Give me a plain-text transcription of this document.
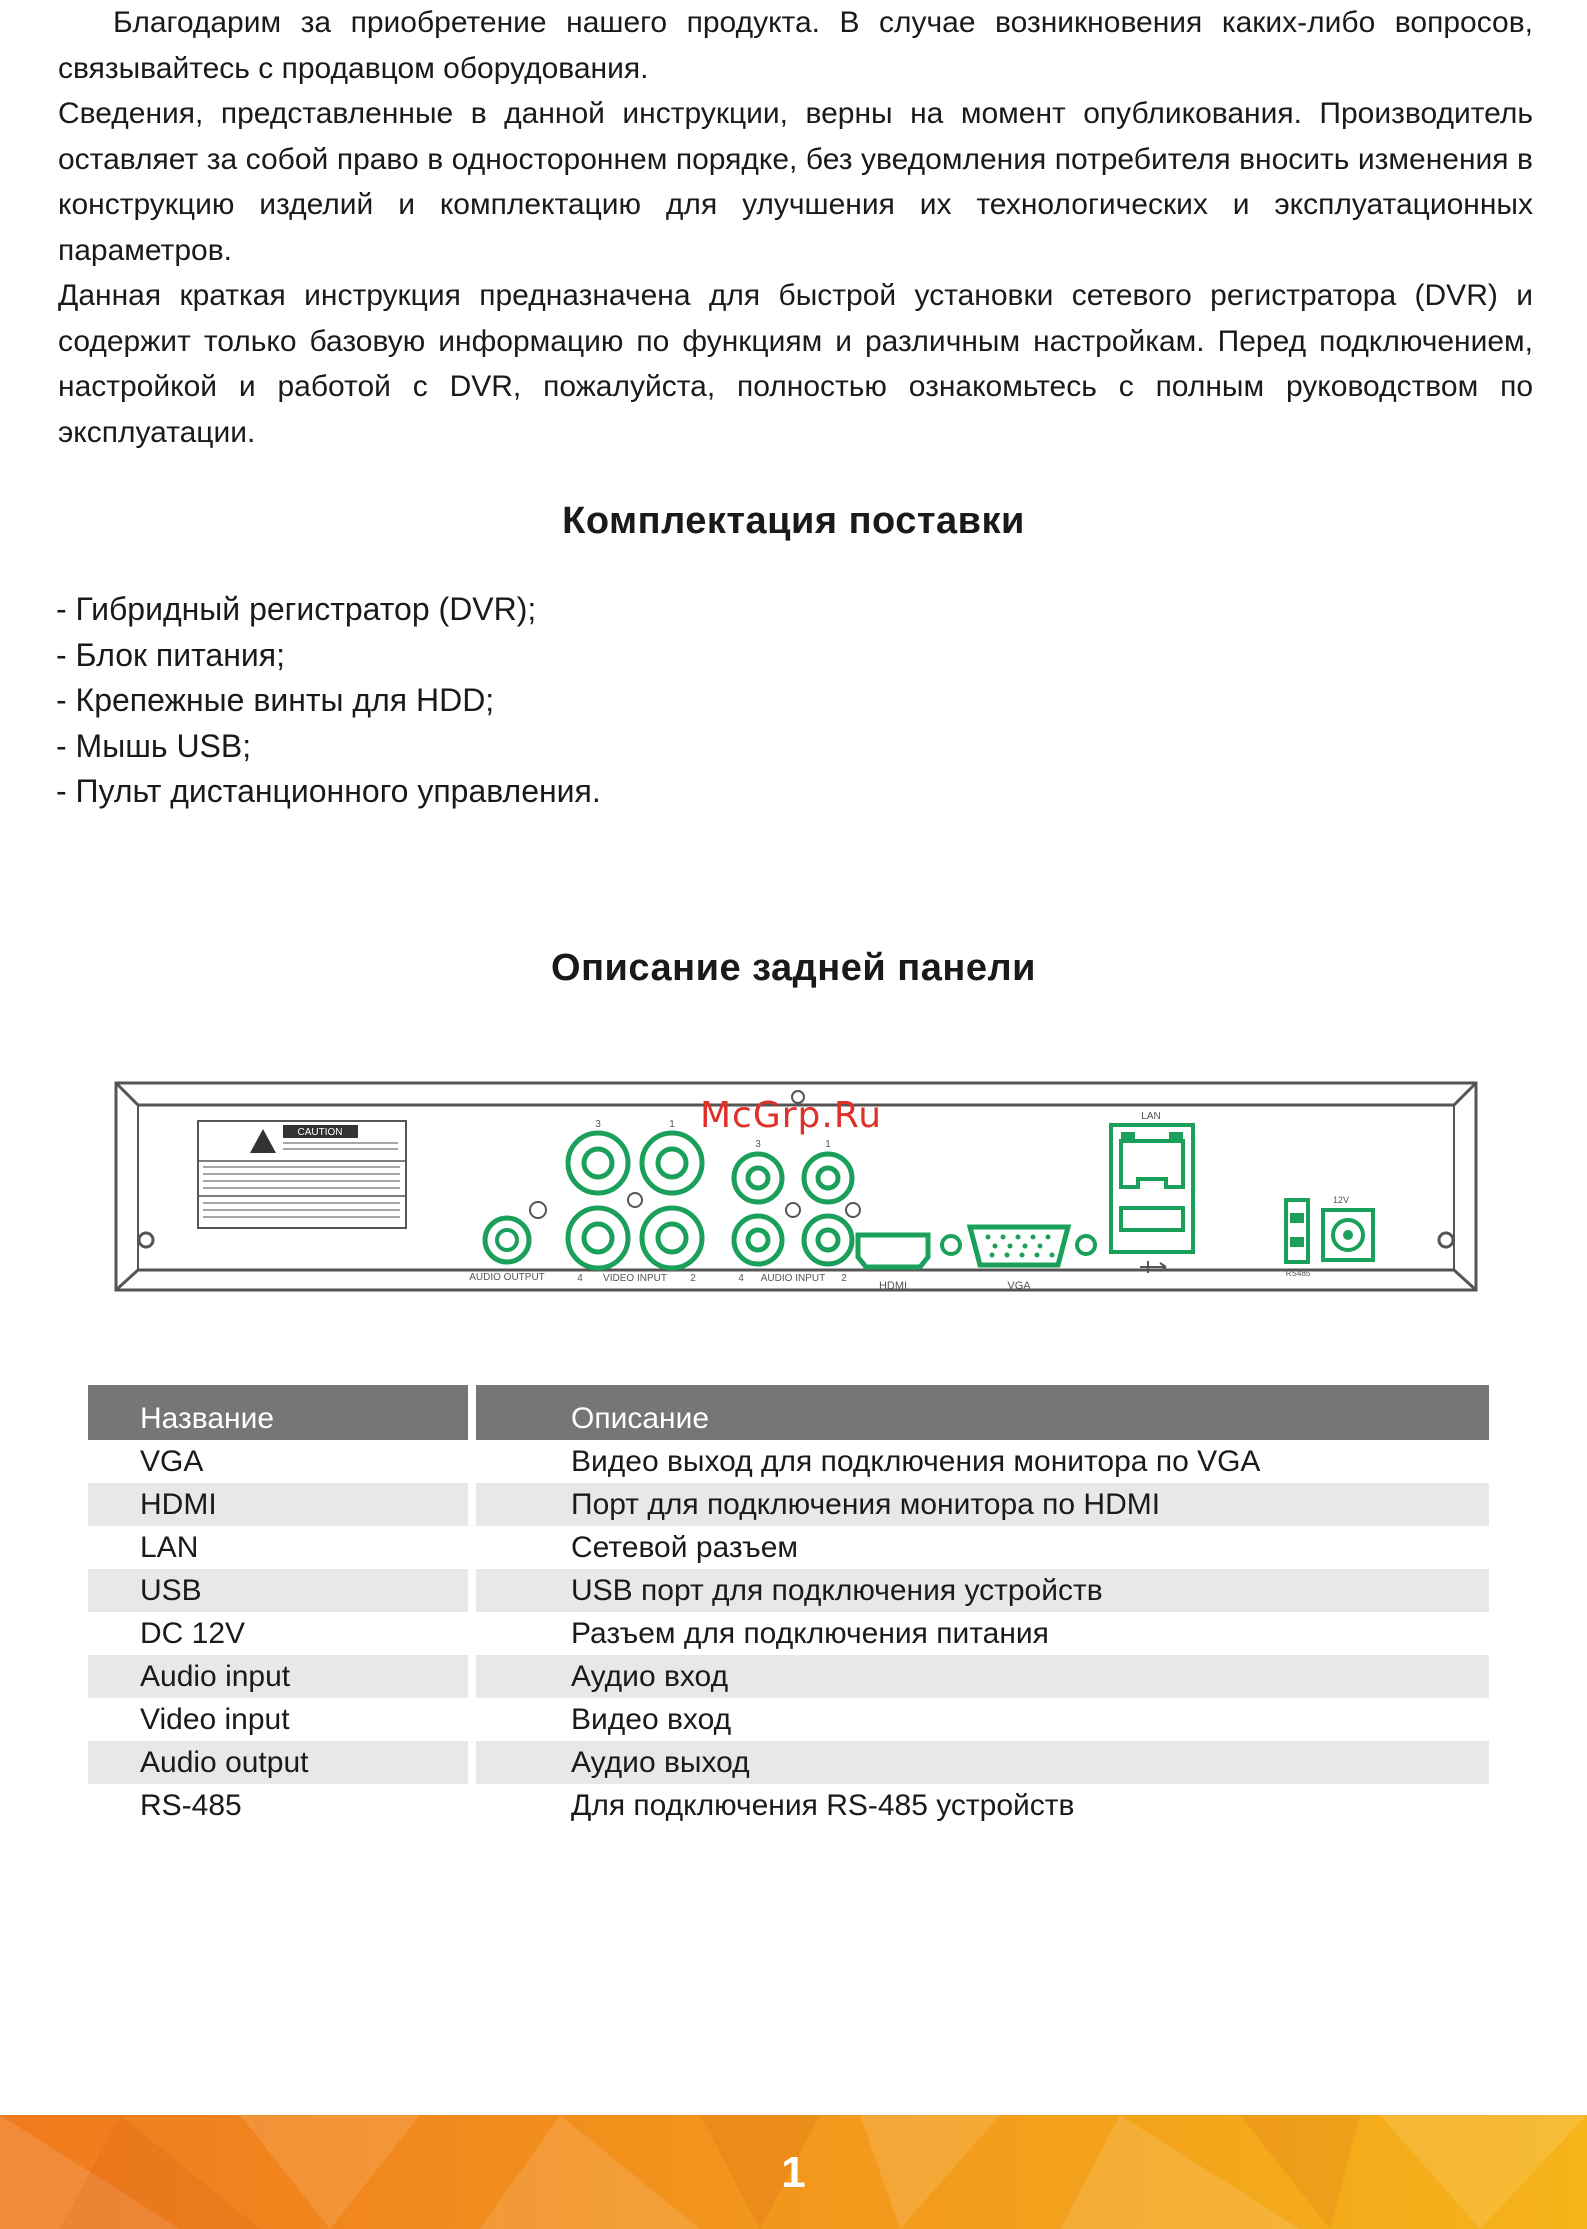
Благодарим за приобретение нашего продукта. В случае возникновения каких-либо вопросов, связывайтесь с продавцом оборудования.

Сведения, представленные в данной инструкции, верны на момент опубликования. Производитель оставляет за собой право в одностороннем порядке, без уведомления потребителя вносить изменения в конструкцию изделий и комплектацию для улучшения их технологических и эксплуатационных параметров.

Данная краткая инструкция предназначена для быстрой установки сетевого регистратора (DVR) и содержит только базовую информацию по функциям и различным настройкам. Перед подключением, настройкой и работой с DVR, пожалуйста, полностью ознакомьтесь с полным руководством по эксплуатации.

Комплектация поставки
- Гибридный регистратор (DVR);
- Блок питания;
- Крепежные винты для HDD;
- Мышь USB;
- Пульт дистанционного управления.
Описание задней панели
CAUTION
AUDIO OUTPUT
3	1
4	2
VIDEO INPUT
3	1
4	2
AUDIO INPUT
HDMI	VGA
LAN
RS485
12V
McGrp.Ru
Название	Описание
VGA	Видео выход для подключения монитора по VGA
HDMI	Порт для подключения монитора по HDMI
LAN	Сетевой разъем
USB	USB порт для подключения устройств
DC 12V	Разъем для подключения питания
Audio input	Аудио вход
Video input	Видео вход
Audio output	Аудио выход
RS-485	Для подключения RS-485 устройств
1
